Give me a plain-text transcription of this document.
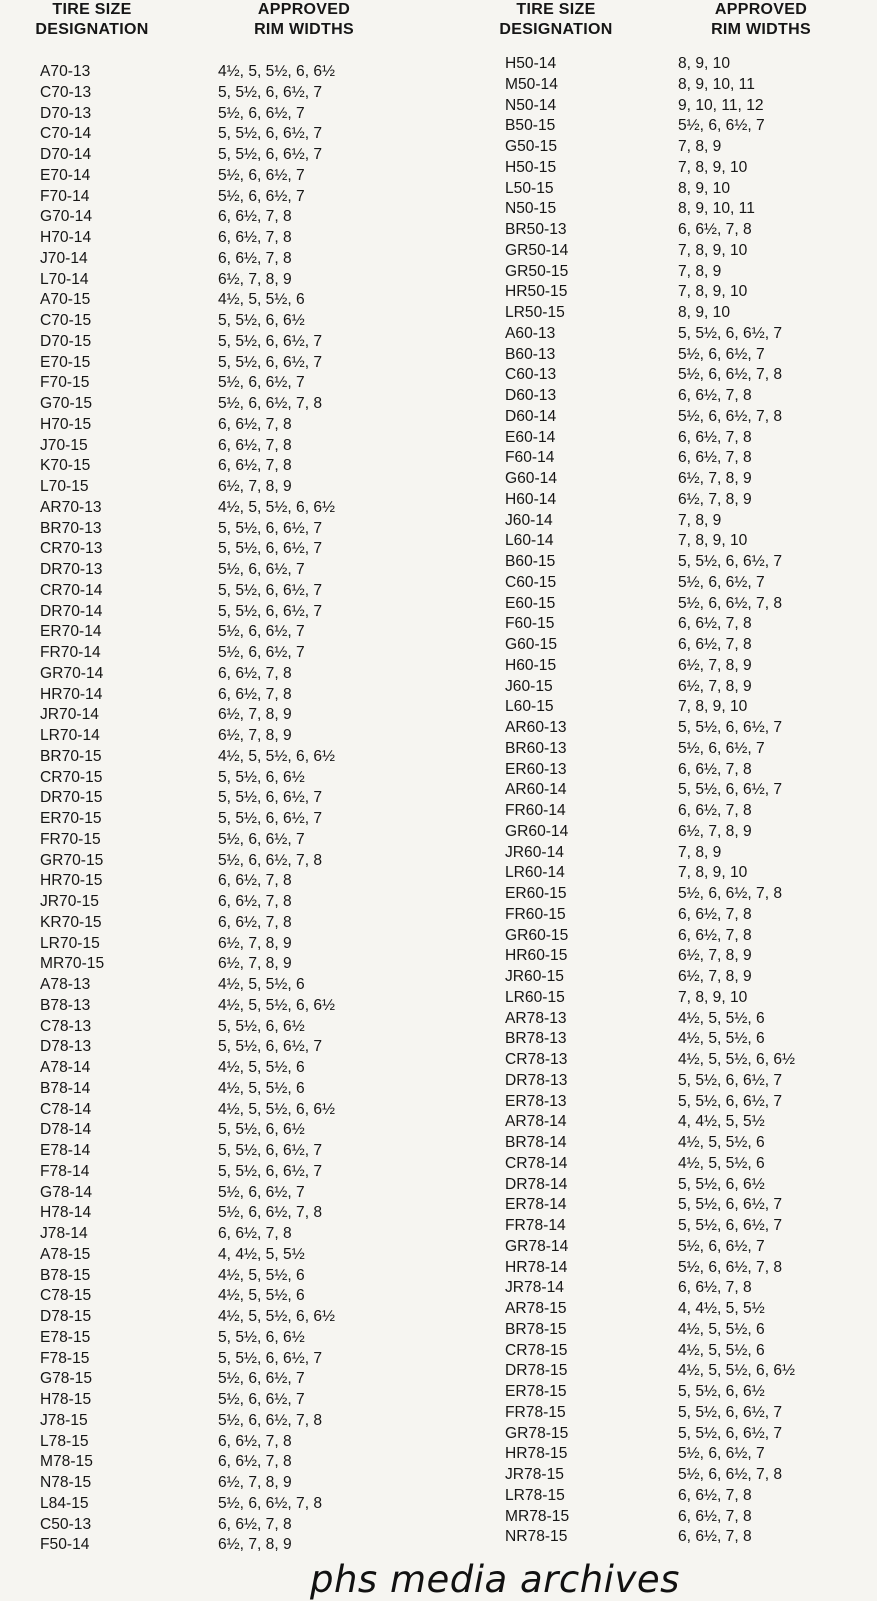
TIRE SIZE
DESIGNATION
APPROVED
RIM WIDTHS
TIRE SIZE
DESIGNATION
APPROVED
RIM WIDTHS
A70-13	4½, 5, 5½, 6, 6½
C70-13	5, 5½, 6, 6½, 7
D70-13	5½, 6, 6½, 7
C70-14	5, 5½, 6, 6½, 7
D70-14	5, 5½, 6, 6½, 7
E70-14	5½, 6, 6½, 7
F70-14	5½, 6, 6½, 7
G70-14	6, 6½, 7, 8
H70-14	6, 6½, 7, 8
J70-14	6, 6½, 7, 8
L70-14	6½, 7, 8, 9
A70-15	4½, 5, 5½, 6
C70-15	5, 5½, 6, 6½
D70-15	5, 5½, 6, 6½, 7
E70-15	5, 5½, 6, 6½, 7
F70-15	5½, 6, 6½, 7
G70-15	5½, 6, 6½, 7, 8
H70-15	6, 6½, 7, 8
J70-15	6, 6½, 7, 8
K70-15	6, 6½, 7, 8
L70-15	6½, 7, 8, 9
AR70-13	4½, 5, 5½, 6, 6½
BR70-13	5, 5½, 6, 6½, 7
CR70-13	5, 5½, 6, 6½, 7
DR70-13	5½, 6, 6½, 7
CR70-14	5, 5½, 6, 6½, 7
DR70-14	5, 5½, 6, 6½, 7
ER70-14	5½, 6, 6½, 7
FR70-14	5½, 6, 6½, 7
GR70-14	6, 6½, 7, 8
HR70-14	6, 6½, 7, 8
JR70-14	6½, 7, 8, 9
LR70-14	6½, 7, 8, 9
BR70-15	4½, 5, 5½, 6, 6½
CR70-15	5, 5½, 6, 6½
DR70-15	5, 5½, 6, 6½, 7
ER70-15	5, 5½, 6, 6½, 7
FR70-15	5½, 6, 6½, 7
GR70-15	5½, 6, 6½, 7, 8
HR70-15	6, 6½, 7, 8
JR70-15	6, 6½, 7, 8
KR70-15	6, 6½, 7, 8
LR70-15	6½, 7, 8, 9
MR70-15	6½, 7, 8, 9
A78-13	4½, 5, 5½, 6
B78-13	4½, 5, 5½, 6, 6½
C78-13	5, 5½, 6, 6½
D78-13	5, 5½, 6, 6½, 7
A78-14	4½, 5, 5½, 6
B78-14	4½, 5, 5½, 6
C78-14	4½, 5, 5½, 6, 6½
D78-14	5, 5½, 6, 6½
E78-14	5, 5½, 6, 6½, 7
F78-14	5, 5½, 6, 6½, 7
G78-14	5½, 6, 6½, 7
H78-14	5½, 6, 6½, 7, 8
J78-14	6, 6½, 7, 8
A78-15	4, 4½, 5, 5½
B78-15	4½, 5, 5½, 6
C78-15	4½, 5, 5½, 6
D78-15	4½, 5, 5½, 6, 6½
E78-15	5, 5½, 6, 6½
F78-15	5, 5½, 6, 6½, 7
G78-15	5½, 6, 6½, 7
H78-15	5½, 6, 6½, 7
J78-15	5½, 6, 6½, 7, 8
L78-15	6, 6½, 7, 8
M78-15	6, 6½, 7, 8
N78-15	6½, 7, 8, 9
L84-15	5½, 6, 6½, 7, 8
C50-13	6, 6½, 7, 8
F50-14	6½, 7, 8, 9
H50-14	8, 9, 10
M50-14	8, 9, 10, 11
N50-14	9, 10, 11, 12
B50-15	5½, 6, 6½, 7
G50-15	7, 8, 9
H50-15	7, 8, 9, 10
L50-15	8, 9, 10
N50-15	8, 9, 10, 11
BR50-13	6, 6½, 7, 8
GR50-14	7, 8, 9, 10
GR50-15	7, 8, 9
HR50-15	7, 8, 9, 10
LR50-15	8, 9, 10
A60-13	5, 5½, 6, 6½, 7
B60-13	5½, 6, 6½, 7
C60-13	5½, 6, 6½, 7, 8
D60-13	6, 6½, 7, 8
D60-14	5½, 6, 6½, 7, 8
E60-14	6, 6½, 7, 8
F60-14	6, 6½, 7, 8
G60-14	6½, 7, 8, 9
H60-14	6½, 7, 8, 9
J60-14	7, 8, 9
L60-14	7, 8, 9, 10
B60-15	5, 5½, 6, 6½, 7
C60-15	5½, 6, 6½, 7
E60-15	5½, 6, 6½, 7, 8
F60-15	6, 6½, 7, 8
G60-15	6, 6½, 7, 8
H60-15	6½, 7, 8, 9
J60-15	6½, 7, 8, 9
L60-15	7, 8, 9, 10
AR60-13	5, 5½, 6, 6½, 7
BR60-13	5½, 6, 6½, 7
ER60-13	6, 6½, 7, 8
AR60-14	5, 5½, 6, 6½, 7
FR60-14	6, 6½, 7, 8
GR60-14	6½, 7, 8, 9
JR60-14	7, 8, 9
LR60-14	7, 8, 9, 10
ER60-15	5½, 6, 6½, 7, 8
FR60-15	6, 6½, 7, 8
GR60-15	6, 6½, 7, 8
HR60-15	6½, 7, 8, 9
JR60-15	6½, 7, 8, 9
LR60-15	7, 8, 9, 10
AR78-13	4½, 5, 5½, 6
BR78-13	4½, 5, 5½, 6
CR78-13	4½, 5, 5½, 6, 6½
DR78-13	5, 5½, 6, 6½, 7
ER78-13	5, 5½, 6, 6½, 7
AR78-14	4, 4½, 5, 5½
BR78-14	4½, 5, 5½, 6
CR78-14	4½, 5, 5½, 6
DR78-14	5, 5½, 6, 6½
ER78-14	5, 5½, 6, 6½, 7
FR78-14	5, 5½, 6, 6½, 7
GR78-14	5½, 6, 6½, 7
HR78-14	5½, 6, 6½, 7, 8
JR78-14	6, 6½, 7, 8
AR78-15	4, 4½, 5, 5½
BR78-15	4½, 5, 5½, 6
CR78-15	4½, 5, 5½, 6
DR78-15	4½, 5, 5½, 6, 6½
ER78-15	5, 5½, 6, 6½
FR78-15	5, 5½, 6, 6½, 7
GR78-15	5, 5½, 6, 6½, 7
HR78-15	5½, 6, 6½, 7
JR78-15	5½, 6, 6½, 7, 8
LR78-15	6, 6½, 7, 8
MR78-15	6, 6½, 7, 8
NR78-15	6, 6½, 7, 8
phs media archives
